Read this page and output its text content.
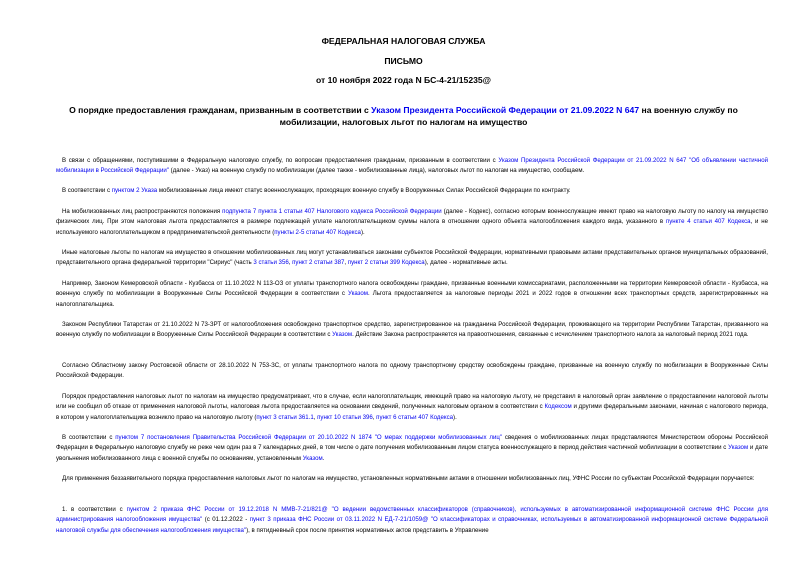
ФЕДЕРАЛЬНАЯ НАЛОГОВАЯ СЛУЖБА
ПИСЬМО
от 10 ноября 2022 года N БС-4-21/15235@
О порядке предоставления гражданам, призванным в соответствии с Указом Президента Российской Федерации от 21.09.2022 N 647 на военную службу по мобилизации, налоговых льгот по налогам на имущество
В связи с обращениями, поступившими в Федеральную налоговую службу, по вопросам предоставления гражданам, призванным в соответствии с Указом Президента Российской Федерации от 21.09.2022 N 647 "Об объявлении частичной мобилизации в Российской Федерации" (далее - Указ) на военную службу по мобилизации (далее также - мобилизованные лица), налоговых льгот по налогам на имущество, сообщаем.
В соответствии с пунктом 2 Указа мобилизованные лица имеют статус военнослужащих, проходящих военную службу в Вооруженных Силах Российской Федерации по контракту.
На мобилизованных лиц распространяются положения подпункта 7 пункта 1 статьи 407 Налогового кодекса Российской Федерации (далее - Кодекс), согласно которым военнослужащие имеют право на налоговую льготу по налогу на имущество физических лиц. При этом налоговая льгота предоставляется в размере подлежащей уплате налогоплательщиком суммы налога в отношении одного объекта налогообложения каждого вида, указанного в пункте 4 статьи 407 Кодекса, и не используемого налогоплательщиком в предпринимательской деятельности (пункты 2-5 статьи 407 Кодекса).
Иные налоговые льготы по налогам на имущество в отношении мобилизованных лиц могут устанавливаться законами субъектов Российской Федерации, нормативными правовыми актами представительных органов муниципальных образований, представительного органа федеральной территории "Сириус" (часть 3 статьи 356, пункт 2 статьи 387, пункт 2 статьи 399 Кодекса), далее - нормативные акты.
Например, Законом Кемеровской области - Кузбасса от 11.10.2022 N 113-ОЗ от уплаты транспортного налога освобождены граждане, призванные военными комиссариатами, расположенными на территории Кемеровской области - Кузбасса, на военную службу по мобилизации в Вооруженные Силы Российской Федерации в соответствии с Указом. Льгота предоставляется за налоговые периоды 2021 и 2022 годов в отношении всех транспортных средств, зарегистрированных на налогоплательщика.
Законом Республики Татарстан от 21.10.2022 N 73-ЗРТ от налогообложения освобождено транспортное средство, зарегистрированное на гражданина Российской Федерации, проживающего на территории Республики Татарстан, призванного на военную службу по мобилизации в Вооруженные Силы Российской Федерации в соответствии с Указом. Действие Закона распространяется на правоотношения, связанные с исчислением транспортного налога за налоговый период 2021 года.
Согласно Областному закону Ростовской области от 28.10.2022 N 753-ЗС, от уплаты транспортного налога по одному транспортному средству освобождены граждане, призванные на военную службу по мобилизации в Вооруженные Силы Российской Федерации.
Порядок предоставления налоговых льгот по налогам на имущество предусматривает, что в случае, если налогоплательщик, имеющий право на налоговую льготу, не представил в налоговый орган заявление о предоставлении налоговой льготы или не сообщил об отказе от применения налоговой льготы, налоговая льгота предоставляется на основании сведений, полученных налоговым органом в соответствии с Кодексом и другими федеральными законами, начиная с налогового периода, в котором у налогоплательщика возникло право на налоговую льготу (пункт 3 статьи 361.1, пункт 10 статьи 396, пункт 6 статьи 407 Кодекса).
В соответствии с пунктом 7 постановления Правительства Российской Федерации от 20.10.2022 N 1874 "О мерах поддержки мобилизованных лиц" сведения о мобилизованных лицах представляются Министерством обороны Российской Федерации в Федеральную налоговую службу не реже чем один раз в 7 календарных дней, в том числе о дате получения мобилизованным лицом статуса военнослужащего в период действия частичной мобилизации в соответствии с Указом и дате увольнения мобилизованного лица с военной службы по основаниям, установленным Указом.
Для применения беззаявительного порядка предоставления налоговых льгот по налогам на имущество, установленных нормативными актами в отношении мобилизованных лиц, УФНС России по субъектам Российской Федерации поручается:
1. в соответствии с пунктом 2 приказа ФНС России от 19.12.2018 N ММВ-7-21/821@ "О ведении ведомственных классификаторов (справочников), используемых в автоматизированной информационной системе ФНС России для администрирования налогообложения имущества" (с 01.12.2022 - пункт 3 приказа ФНС России от 03.11.2022 N ЕД-7-21/1059@ "О классификаторах и справочниках, используемых в автоматизированной информационной системе Федеральной налоговой службы для обеспечения налогообложения имущества"), в пятидневный срок после принятия нормативных актов представить в Управление
